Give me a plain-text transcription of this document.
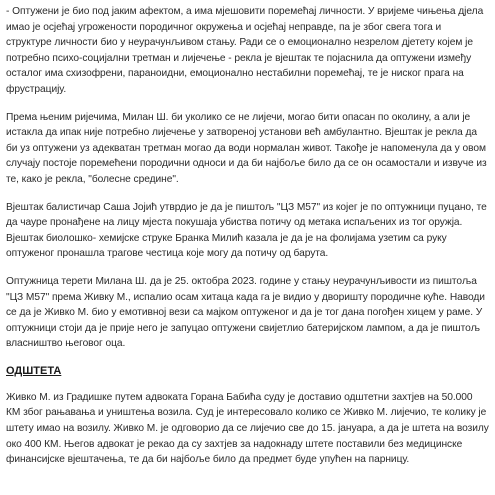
- Оптужени је био под јаким афектом, а има мјешовити поремећај личности. У вријеме чињења дјела имао је осјећај угрожености породичног окружења и осјећај неправде, па је због свега тога и структуре личности био у неурачунљивом стању. Ради се о емоционално незрелом дјетету којем је потребно психо-социјални третман и лијечење - рекла је вјештак те појаснила да оптужени између осталог има схизофрени, параноидни, емоционално нестабилни поремећај, те је ниског прага на фрустрацију.

Према њеним ријечима, Милан Ш. би уколико се не лијечи, могао бити опасан по околину, а али је истакла да ипак није потребно лијечење у затвореној установи већ амбулантно. Вјештак је рекла да би уз оптужени уз адекватан третман могао да води нормалан живот. Такође је напоменула да у овом случају постоје поремећени породични односи и да би најбоље било да се он осамостали и извуче из те, како је рекла, "болесне средине".

Вјештак балистичар Саша Јојић утврдио је да је пиштољ "ЦЗ М57" из којег је по оптужници пуцано, те да чауре пронађене на лицу мјеста покушаја убиства потичу од метака испаљених из тог оружја. Вјештак биолошко- хемијске струке Бранка Милић казала је да је на фолијама узетим са руку оптуженог пронашла трагове честица које могу да потичу од барута.

Оптужница терети Милана Ш. да је 25. октобра 2023. године у стању неурачунљивости из пиштоља "ЦЗ М57" према Живку М., испалио осам хитаца када га је видио у дворишту породичне куће. Наводи се да је Живко М. био у емотивној вези са мајком оптуженог и да је тог дана погођен хицем у раме. У оптужници стоји да је прије него је запуцао оптужени свијетлио батеријском лампом, а да је пиштољ власништво његовог оца.

ОДШТЕТА

Живко М. из Градишке путем адвоката Горана Бабића суду је доставио одштетни захтјев на 50.000 КМ због рањавања и уништења возила. Суд је интересовало колико се Живко М. лијечио, те колику је штету имао на возилу. Живко М. је одговорио да се лијечио све до 15. јануара, а да је штета на возилу око 400 КМ. Његов адвокат је рекао да су захтјев за надокнаду штете поставили без медицинске финансијске вјештачења, те да би најбоље било да предмет буде упућен на парницу.
